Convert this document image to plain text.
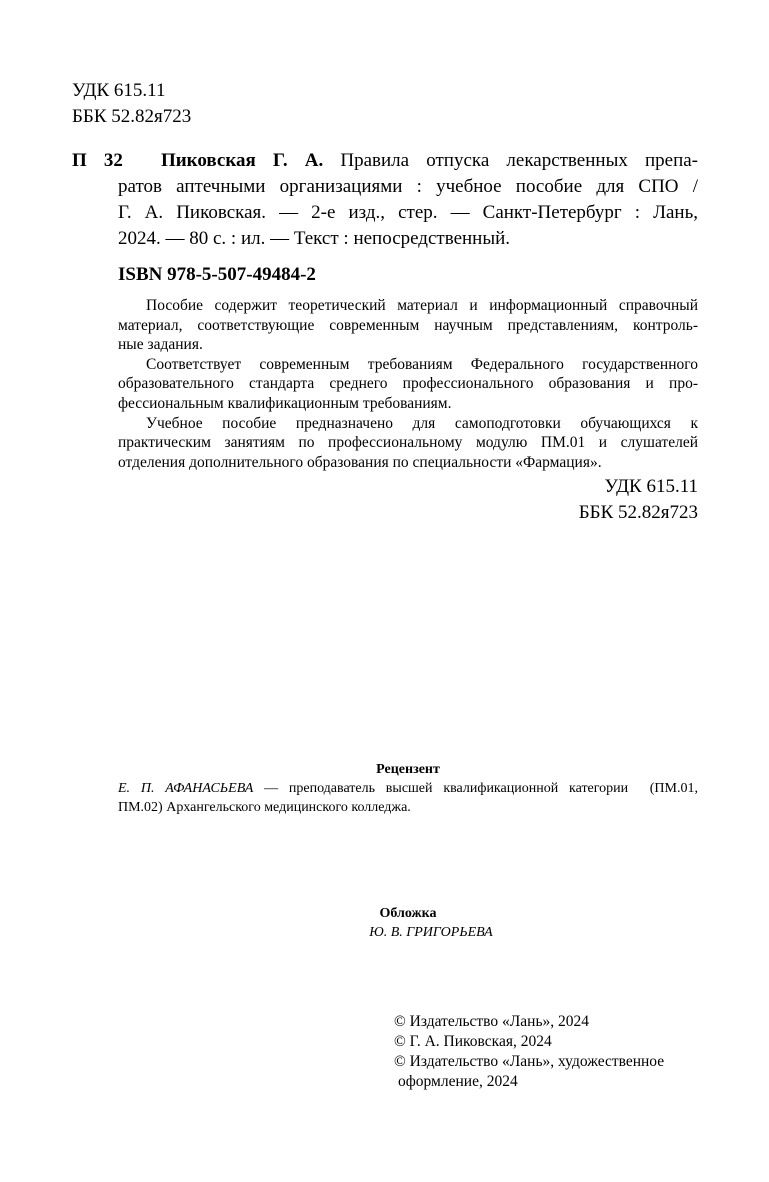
УДК 615.11
ББК 52.82я723
П 32 Пиковская Г. А. Правила отпуска лекарственных препа-
ратов аптечными организациями : учебное пособие для СПО /
Г. А. Пиковская. — 2-е изд., стер. — Санкт-Петербург : Лань,
2024. — 80 с. : ил. — Текст : непосредственный.
ISBN 978-5-507-49484-2
Пособие содержит теоретический материал и информационный справочный
материал, соответствующие современным научным представлениям, контроль-
ные задания.
Соответствует современным требованиям Федерального государственного
образовательного стандарта среднего профессионального образования и про-
фессиональным квалификационным требованиям.
Учебное пособие предназначено для самоподготовки обучающихся к
практическим занятиям по профессиональному модулю ПМ.01 и слушателей
отделения дополнительного образования по специальности «Фармация».
УДК 615.11
ББК 52.82я723
Рецензент
Е. П. АФАНАСЬЕВА — преподаватель высшей квалификационной категории  (ПМ.01,
ПМ.02) Архангельского медицинского колледжа.
Обложка
Ю. В. ГРИГОРЬЕВА
© Издательство «Лань», 2024
© Г. А. Пиковская, 2024
© Издательство «Лань», художественное
оформление, 2024
